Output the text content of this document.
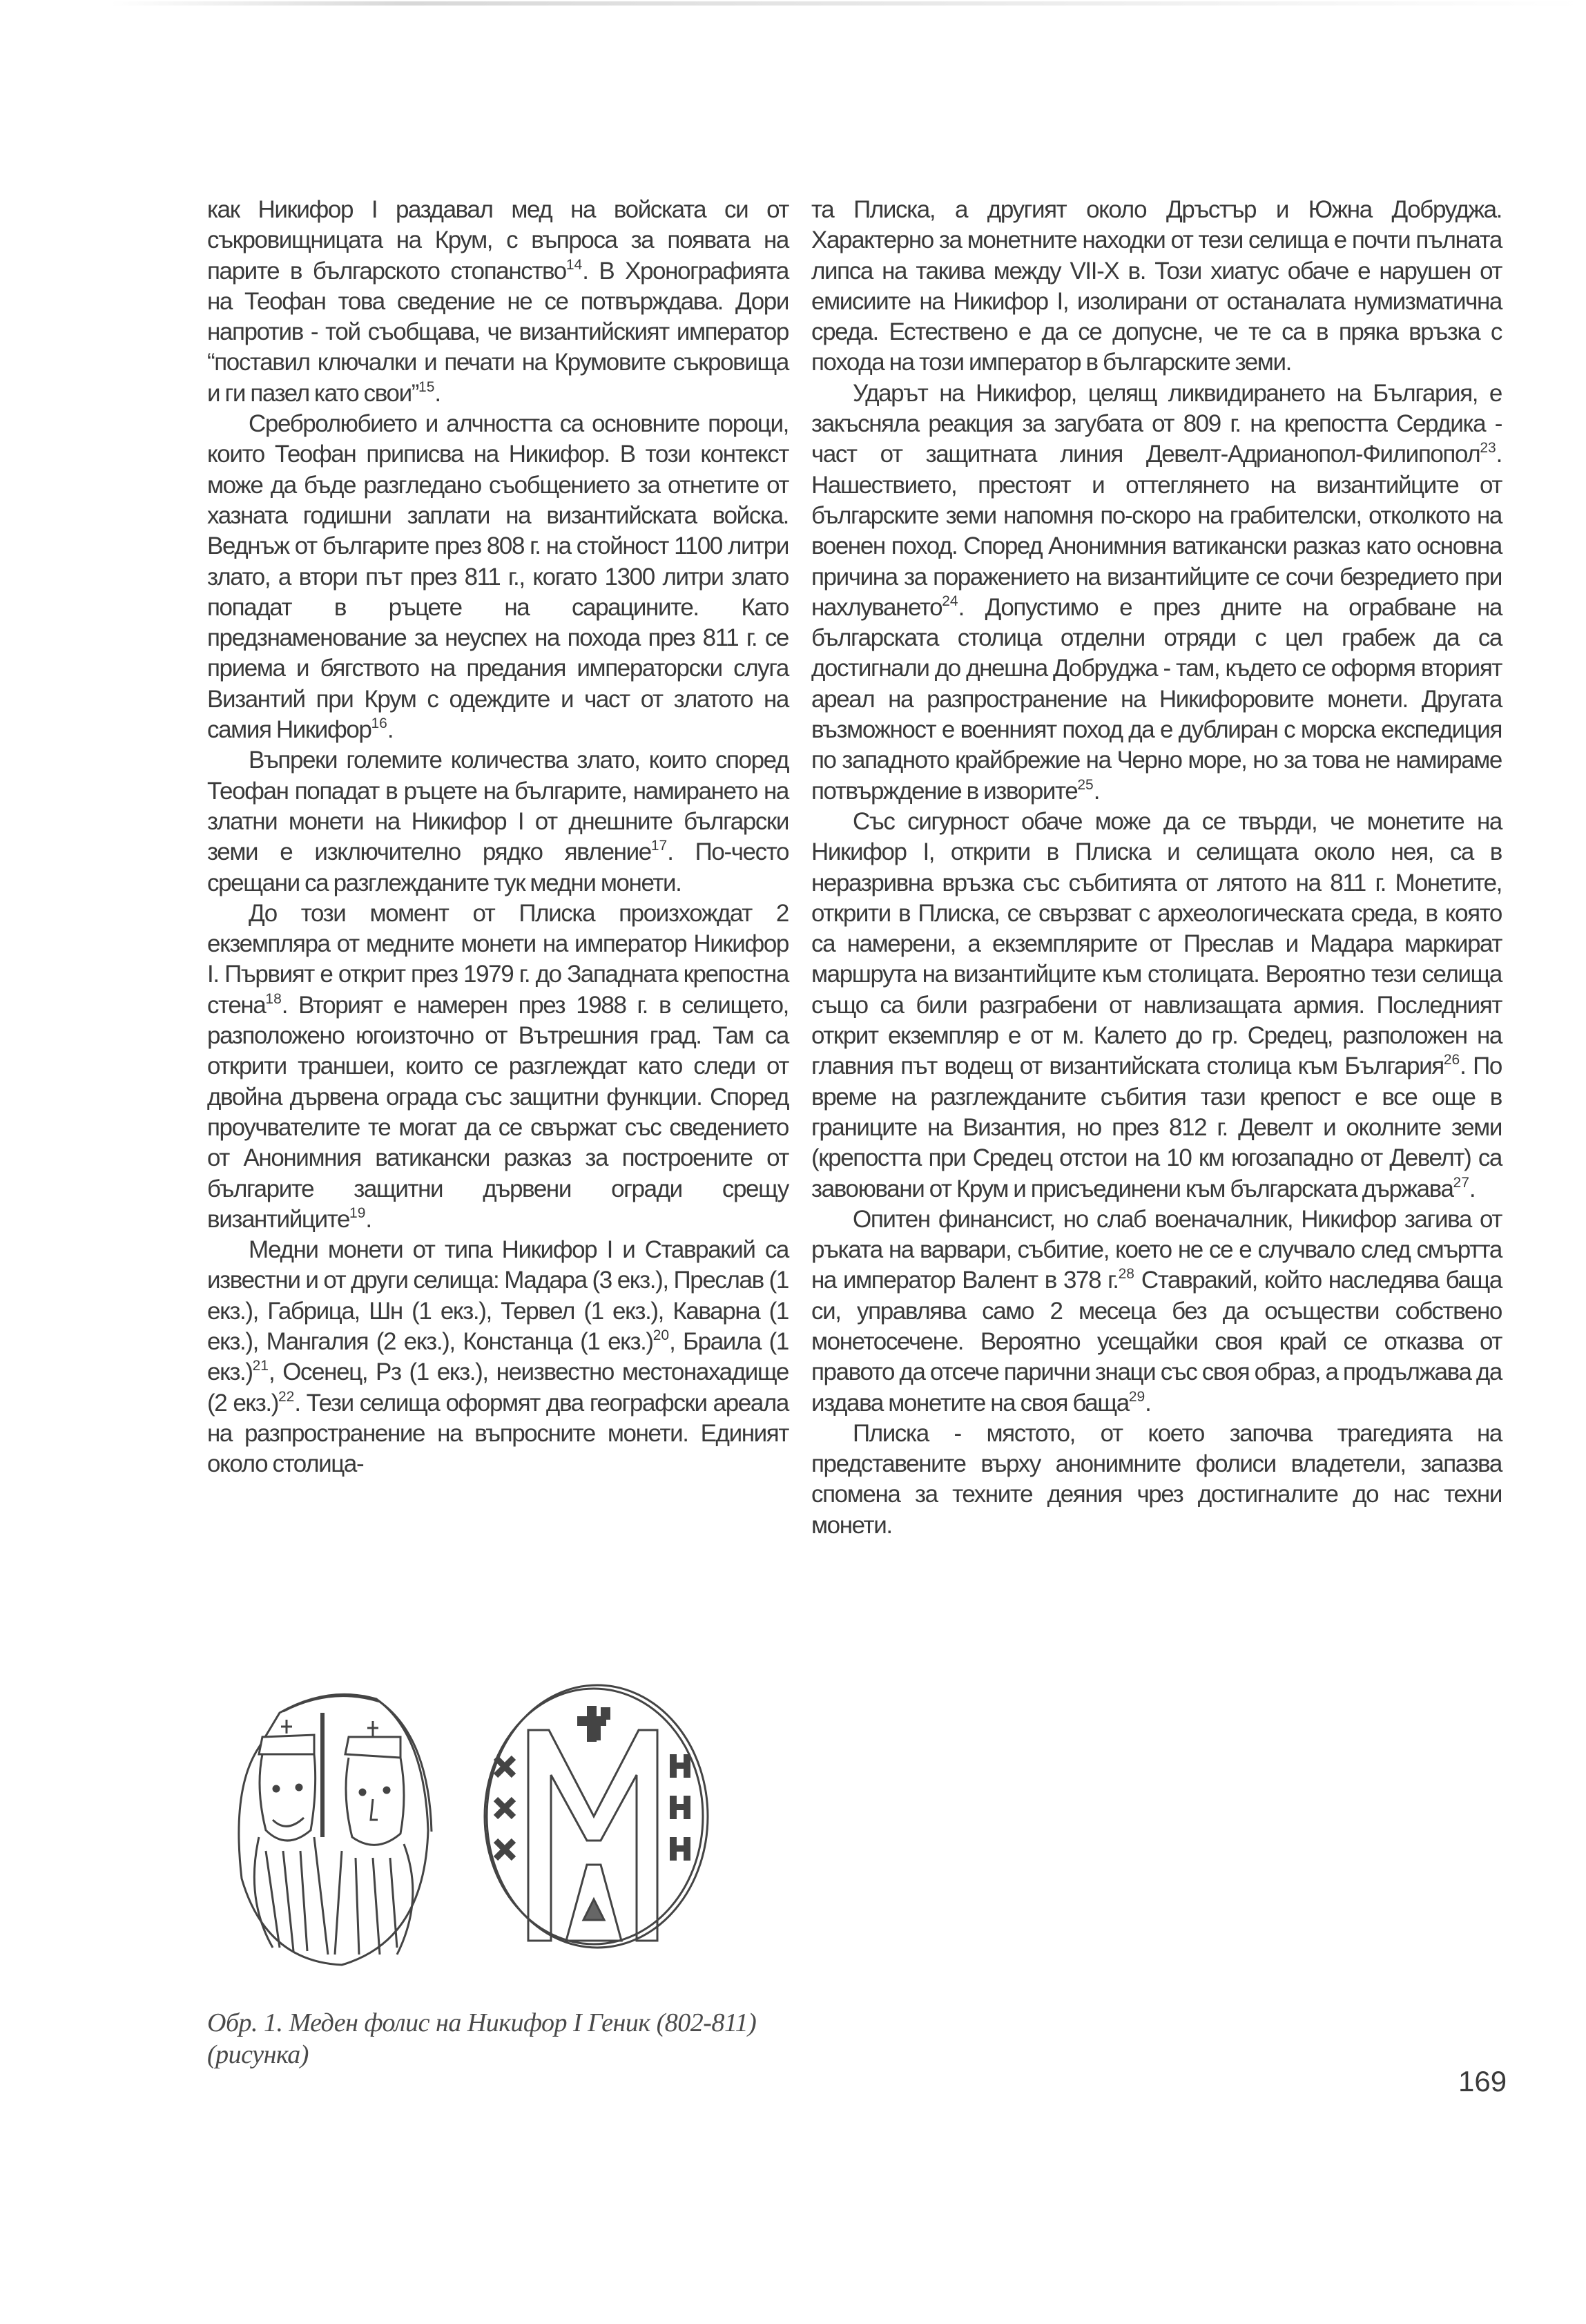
как Никифор I раздавал мед на войската си от съкровищницата на Крум, с въпроса за появата на парите в българското стопанство$^{14}$. В Хронографията на Теофан това сведение не се потвърждава. Дори напротив - той съобщава, че византийският император “поставил ключалки и печати на Крумовите съкровища и ги пазел като свои”$^{15}$.

Сребролюбието и алчността са основните пороци, които Теофан приписва на Никифор. В този контекст може да бъде разгледано съобщението за отнетите от хазната годишни заплати на византийската войска. Веднъж от българите през 808 г. на стойност 1100 литри злато, а втори път през 811 г., когато 1300 литри злато попадат в ръцете на сарацините. Като предзнаменование за неуспех на похода през 811 г. се приема и бягството на предания императорски слуга Византий при Крум с одеждите и част от златото на самия Никифор$^{16}$.

Въпреки големите количества злато, които според Теофан попадат в ръцете на българите, намирането на златни монети на Никифор I от днешните български земи е изключително рядко явление$^{17}$. По-често срещани са разглежданите тук медни монети.

До този момент от Плиска произхождат 2 екземпляра от медните монети на император Никифор I. Първият е открит през 1979 г. до Западната крепостна стена$^{18}$. Вторият е намерен през 1988 г. в селището, разположено югоизточно от Вътрешния град. Там са открити траншеи, които се разглеждат като следи от двойна дървена ограда със защитни функции. Според проучвателите те могат да се свържат със сведението от Анонимния ватикански разказ за построените от българите защитни дървени огради срещу византийците$^{19}$.

Медни монети от типа Никифор I и Ставракий са известни и от други селища: Мадара (3 екз.), Преслав (1 екз.), Габрица, Шн (1 екз.), Тервел (1 екз.), Каварна (1 екз.), Мангалия (2 екз.), Констанца (1 екз.)$^{20}$, Браила (1 екз.)$^{21}$, Осенец, Рз (1 екз.), неизвестно местонахадище (2 екз.)$^{22}$. Тези селища оформят два географски ареала на разпространение на въпросните монети. Единият около столица-

та Плиска, а другият около Дръстър и Южна Добруджа. Характерно за монетните находки от тези селища е почти пълната липса на такива между VII-X в. Този хиатус обаче е нарушен от емисиите на Никифор I, изолирани от останалата нумизматична среда. Естествено е да се допусне, че те са в пряка връзка с похода на този император в българските земи.

Ударът на Никифор, целящ ликвидирането на България, е закъсняла реакция за загубата от 809 г. на крепостта Сердика - част от защитната линия Девелт-Адрианопол-Филипопол$^{23}$. Нашествието, престоят и оттеглянето на византийците от българските земи напомня по-скоро на грабителски, отколкото на военен поход. Според Анонимния ватикански разказ като основна причина за поражението на византийците се сочи безредието при нахлуването$^{24}$. Допустимо е през дните на ограбване на българската столица отделни отряди с цел грабеж да са достигнали до днешна Добруджа - там, където се оформя вторият ареал на разпространение на Никифоровите монети. Другата възможност е военният поход да е дублиран с морска експедиция по западното крайбрежие на Черно море, но за това не намираме потвърждение в изворите$^{25}$.

Със сигурност обаче може да се твърди, че монетите на Никифор I, открити в Плиска и селищата около нея, са в неразривна връзка със събитията от лятото на 811 г. Монетите, открити в Плиска, се свързват с археологическата среда, в която са намерени, а екземплярите от Преслав и Мадара маркират маршрута на византийците към столицата. Вероятно тези селища също са били разграбени от навлизащата армия. Последният открит екземпляр е от м. Калето до гр. Средец, разположен на главния път водещ от византийската столица към България$^{26}$. По време на разглежданите събития тази крепост е все още в границите на Византия, но през 812 г. Девелт и околните земи (крепостта при Средец отстои на 10 км югозападно от Девелт) са завоювани от Крум и присъединени към българската държава$^{27}$.

Опитен финансист, но слаб военачалник, Никифор загива от ръката на варвари, събитие, което не се е случвало след смъртта на император Валент в 378 г.$^{28}$ Ставракий, който наследява баща си, управлява само 2 месеца без да осъществи собствено монетосечене. Вероятно усещайки своя край се отказва от правото да отсече парични знаци със своя образ, а продължава да издава монетите на своя баща$^{29}$.

Плиска - мястото, от което започва трагедията на представените върху анонимните фолиси владетели, запазва спомена за техните деяния чрез достигналите до нас техни монети.

Обр. 1. Меден фолис на Никифор I Геник (802-811) (рисунка)
169
